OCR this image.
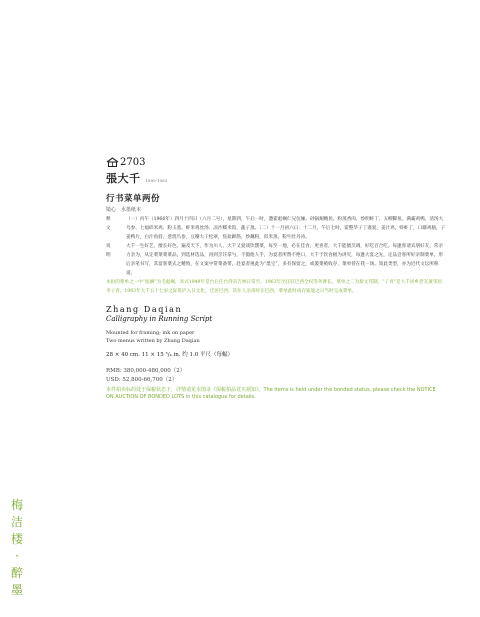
2703
張大千 1899-1983
行书菜单两份
镜心　水墨纸本
释　文
（一）丙午（1966年）四月十四日（六月二号），星期四，午后一时，邀霍彪娴仁兄伉俪。砂锅焖鲍鱼、粉蒸香肉、炒明虾丁、五柳脚鱼、满霸鸡鸭、清汤大乌参、七福碎米鸡、粉玉蒸、虾米鸡丝汤、凉沙糯米饭、蔬子蒸。（二）十一月初六日：十二月，午后七时，霍整华子丁谨爱，姜汁鸡，虾虾丁，口蘑鸡脑，子姜鸭片，白汁鱼唇，葱烧鸟参，豆瓣大干松翠，焦盐蹄筋，炒藕粉，似米蒸，粉牛肚丹涛。
说　明
大千一生好艺，擅长好色，遍及天下，作为川人，大千又爱谈饮馔菜，每至一地，必在佳食，更喜者，大千能擅烹调，好吃百合吃。每逢客请宾朋好友，常亲力亲为，从定菜菜菜菜品，到选材选品，再到烹饪掌勺，不假他人手，为宴者所赞不绝口，大千于饮食极为讲究，每逢大宴之先，定品尝客所好亲制菜单，形后亲笔书写，其宴客菜式之精致，在文案中常菜备带，赴宴者视此为“墨宝”，多有保留之，或裝菜被收存，菜单曾在我一场。知此类型，亦为近代文坛所称道。
本拍的菜单之一中“彪娴”为毛彪娴，米式1949年是台后任台湾省吉林日常至。1963年出任驻巴西全权等务署长。菜单之二为蔡文邦制，“子青”是大千同乡老友兼邻居李子青。1963年大千五十七岁之际筑庐入日文化，迁居巴西，其住人亲弟时在巴西，菜单此时尚存迪迪之日当时完成菜单。
Zhang Daqian
Calligraphy in Running Script
Mounted for framing; ink on paper
Two menus written by Zhang Daqian
28 × 40 cm. 11 × 15 ³/₄ in. 约 1.0 平尺（每幅）
RMB: 380,000-480,000（2）
USD: 52,800-66,700（2）
本件拍卖标的处于保税状态下，详情请见本图录《保税拍品竞买须知》。The items is held under the bonded status, please check the NOTICE ON AUCTION OF BONDED LOTS in this catalogue for details.
梅
洁
楼
·
醉
墨
